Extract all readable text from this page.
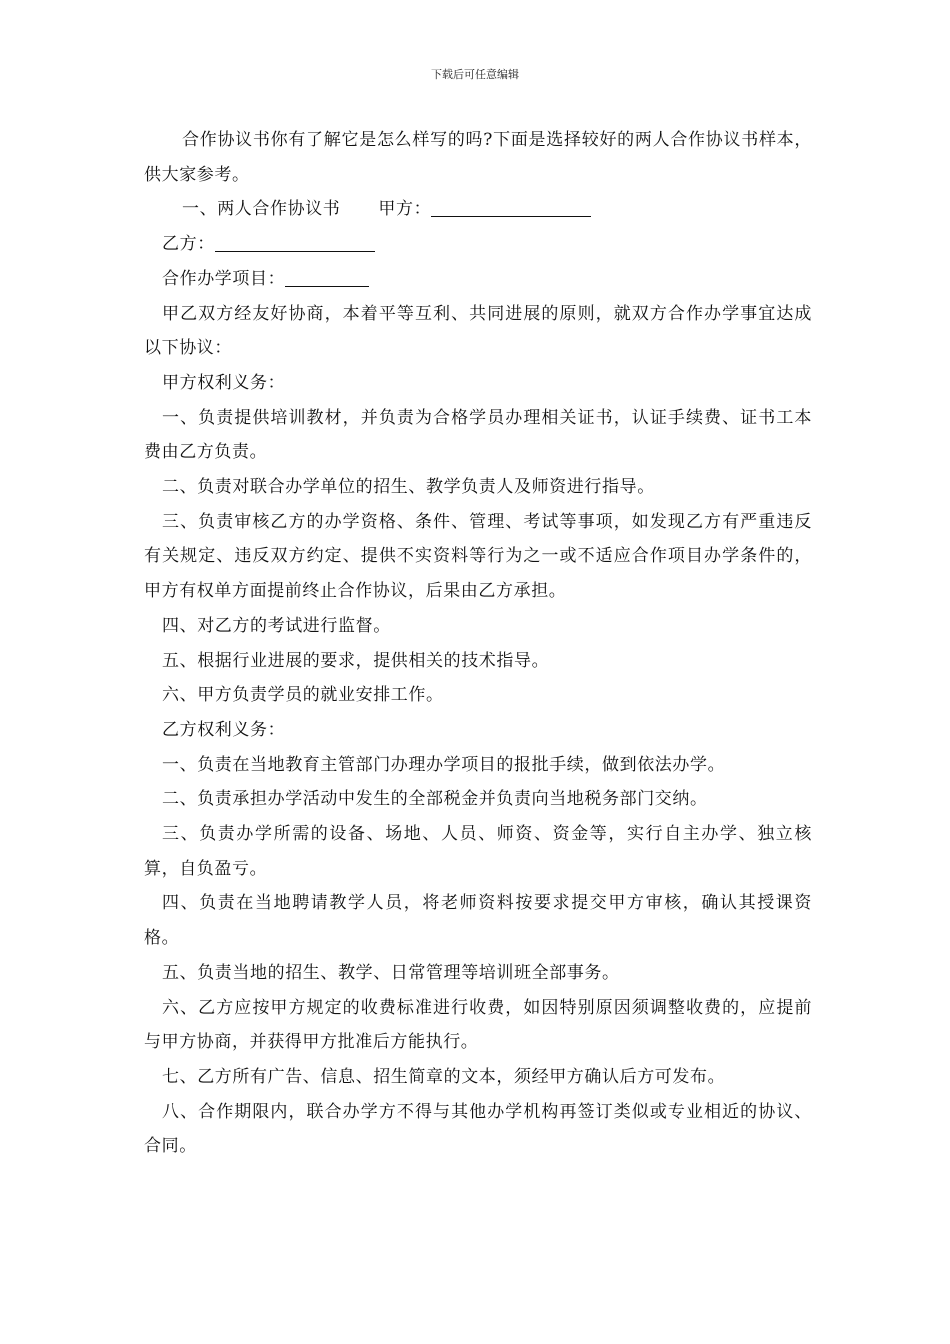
下载后可任意编辑

合作协议书你有了解它是怎么样写的吗?下面是选择较好的两人合作协议书样本，供大家参考。

一、两人合作协议书 甲方：

乙方：

合作办学项目：

甲乙双方经友好协商，本着平等互利、共同进展的原则，就双方合作办学事宜达成以下协议：

甲方权利义务：

一、负责提供培训教材，并负责为合格学员办理相关证书，认证手续费、证书工本费由乙方负责。

二、负责对联合办学单位的招生、教学负责人及师资进行指导。

三、负责审核乙方的办学资格、条件、管理、考试等事项，如发现乙方有严重违反有关规定、违反双方约定、提供不实资料等行为之一或不适应合作项目办学条件的，甲方有权单方面提前终止合作协议，后果由乙方承担。

四、对乙方的考试进行监督。

五、根据行业进展的要求，提供相关的技术指导。

六、甲方负责学员的就业安排工作。

乙方权利义务：

一、负责在当地教育主管部门办理办学项目的报批手续，做到依法办学。

二、负责承担办学活动中发生的全部税金并负责向当地税务部门交纳。

三、负责办学所需的设备、场地、人员、师资、资金等，实行自主办学、独立核算，自负盈亏。

四、负责在当地聘请教学人员，将老师资料按要求提交甲方审核，确认其授课资格。

五、负责当地的招生、教学、日常管理等培训班全部事务。

六、乙方应按甲方规定的收费标准进行收费，如因特别原因须调整收费的，应提前与甲方协商，并获得甲方批准后方能执行。

七、乙方所有广告、信息、招生简章的文本，须经甲方确认后方可发布。

八、合作期限内，联合办学方不得与其他办学机构再签订类似或专业相近的协议、合同。
